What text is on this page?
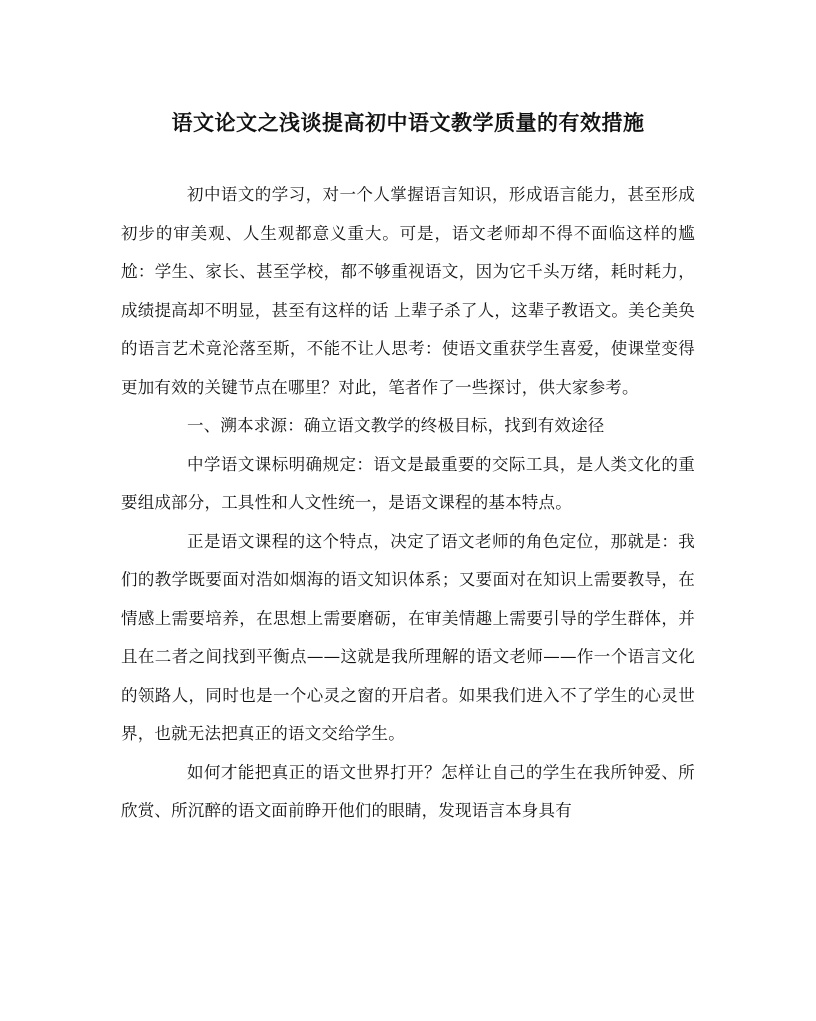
语文论文之浅谈提高初中语文教学质量的有效措施

初中语文的学习，对一个人掌握语言知识，形成语言能力，甚至形成初步的审美观、人生观都意义重大。可是，语文老师却不得不面临这样的尴尬：学生、家长、甚至学校，都不够重视语文，因为它千头万绪，耗时耗力，成绩提高却不明显，甚至有这样的话 上辈子杀了人，这辈子教语文。美仑美奂的语言艺术竟沦落至斯，不能不让人思考：使语文重获学生喜爱，使课堂变得更加有效的关键节点在哪里？对此，笔者作了一些探讨，供大家参考。

一、溯本求源：确立语文教学的终极目标，找到有效途径

中学语文课标明确规定：语文是最重要的交际工具，是人类文化的重要组成部分，工具性和人文性统一，是语文课程的基本特点。

正是语文课程的这个特点，决定了语文老师的角色定位，那就是：我们的教学既要面对浩如烟海的语文知识体系；又要面对在知识上需要教导，在情感上需要培养，在思想上需要磨砺，在审美情趣上需要引导的学生群体，并且在二者之间找到平衡点——这就是我所理解的语文老师——作一个语言文化的领路人，同时也是一个心灵之窗的开启者。如果我们进入不了学生的心灵世界，也就无法把真正的语文交给学生。

如何才能把真正的语文世界打开？怎样让自己的学生在我所钟爱、所欣赏、所沉醉的语文面前睁开他们的眼睛，发现语言本身具有
